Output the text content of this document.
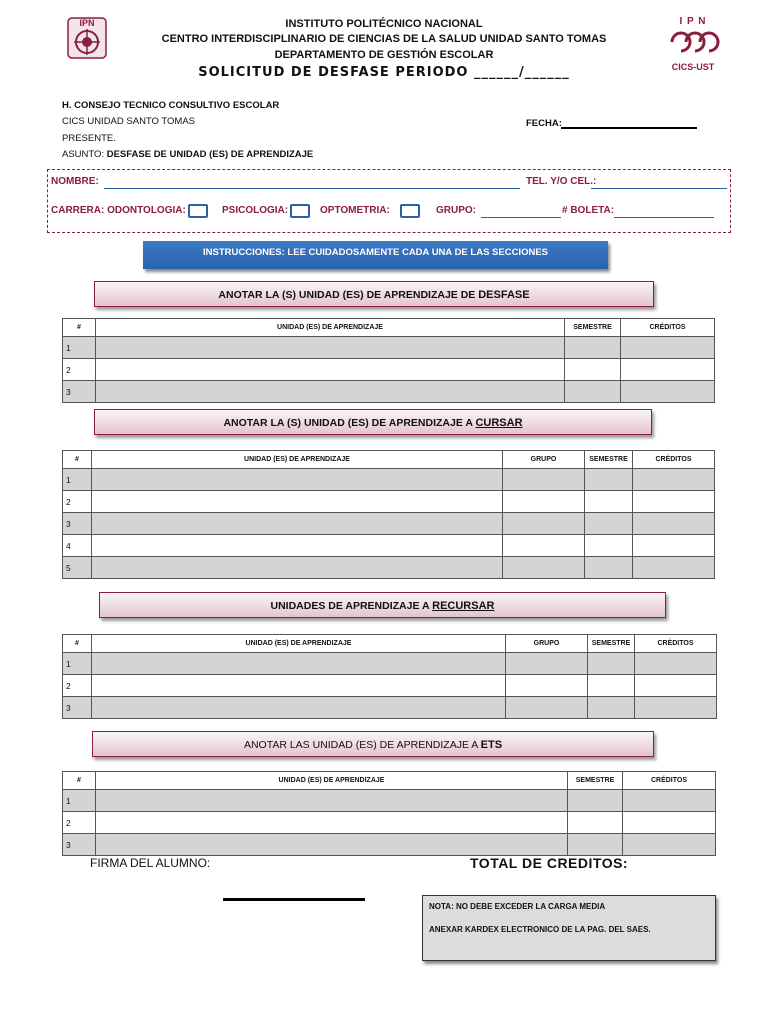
IPN	I P N
CICS-UST
INSTITUTO POLITÉCNICO NACIONAL
CENTRO INTERDISCIPLINARIO DE CIENCIAS DE LA SALUD UNIDAD SANTO TOMAS
DEPARTAMENTO DE GESTIÓN ESCOLAR
SOLICITUD DE DESFASE PERIODO ______/______
H. CONSEJO TECNICO CONSULTIVO ESCOLAR
CICS UNIDAD SANTO TOMAS
PRESENTE.
ASUNTO: DESFASE DE UNIDAD (ES) DE APRENDIZAJE
FECHA:
NOMBRE:	TEL. Y/O CEL.:
CARRERA: ODONTOLOGIA:	PSICOLOGIA:	OPTOMETRIA:	GRUPO:	# BOLETA:
INSTRUCCIONES: LEE CUIDADOSAMENTE CADA UNA DE LAS SECCIONES
ANOTAR LA (S) UNIDAD (ES) DE APRENDIZAJE DE DESFASE
#	UNIDAD (ES) DE APRENDIZAJE	SEMESTRE	CRÉDITOS
1			
2			
3			
ANOTAR LA (S) UNIDAD (ES) DE APRENDIZAJE A CURSAR
#	UNIDAD (ES) DE APRENDIZAJE	GRUPO	SEMESTRE	CRÉDITOS
1				
2				
3				
4				
5				
UNIDADES DE APRENDIZAJE A RECURSAR
#	UNIDAD (ES) DE APRENDIZAJE	GRUPO	SEMESTRE	CRÉDITOS
1				
2				
3				
ANOTAR LAS UNIDAD (ES) DE APRENDIZAJE A ETS
#	UNIDAD (ES) DE APRENDIZAJE	SEMESTRE	CRÉDITOS
1			
2			
3			
FIRMA DEL ALUMNO:	TOTAL DE CREDITOS:
NOTA: NO DEBE EXCEDER LA CARGA MEDIA
ANEXAR KARDEX ELECTRONICO DE LA PAG. DEL SAES.
